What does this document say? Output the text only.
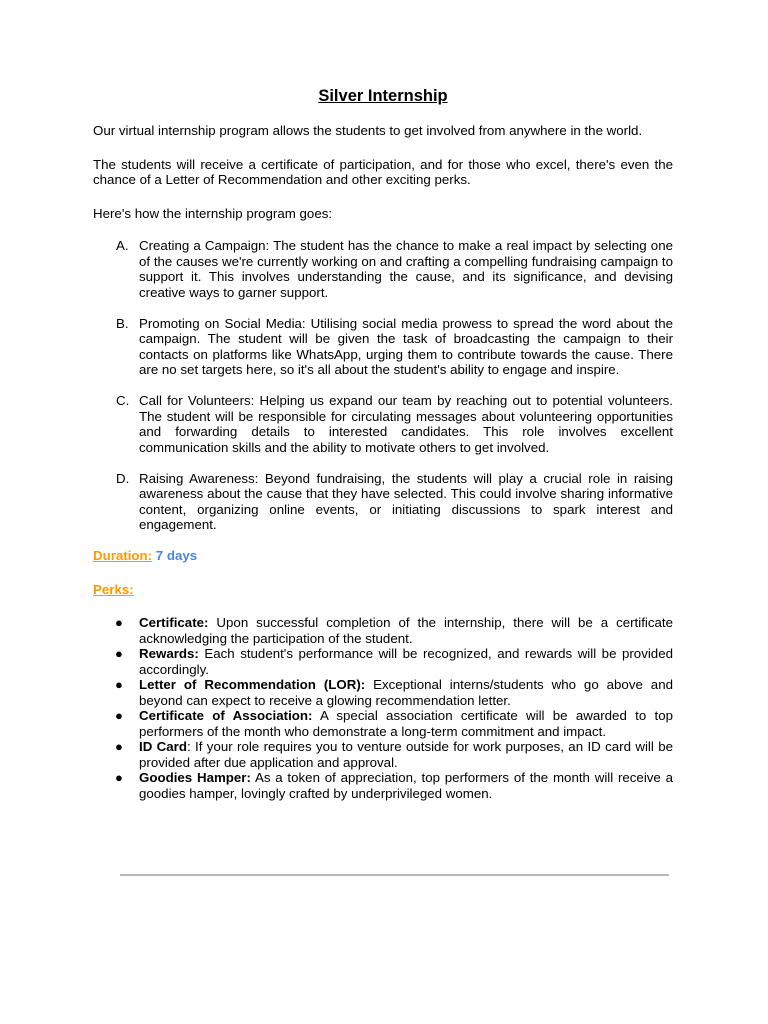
Silver Internship

Our virtual internship program allows the students to get involved from anywhere in the world.

The students will receive a certificate of participation, and for those who excel, there's even the chance of a Letter of Recommendation and other exciting perks.

Here's how the internship program goes:

A. Creating a Campaign: The student has the chance to make a real impact by selecting one of the causes we're currently working on and crafting a compelling fundraising campaign to support it. This involves understanding the cause, and its significance, and devising creative ways to garner support.
B. Promoting on Social Media: Utilising social media prowess to spread the word about the campaign. The student will be given the task of broadcasting the campaign to their contacts on platforms like WhatsApp, urging them to contribute towards the cause. There are no set targets here, so it's all about the student's ability to engage and inspire.
C. Call for Volunteers: Helping us expand our team by reaching out to potential volunteers. The student will be responsible for circulating messages about volunteering opportunities and forwarding details to interested candidates. This role involves excellent communication skills and the ability to motivate others to get involved.
D. Raising Awareness: Beyond fundraising, the students will play a crucial role in raising awareness about the cause that they have selected. This could involve sharing informative content, organizing online events, or initiating discussions to spark interest and engagement.

Duration: 7 days

Perks:

● Certificate: Upon successful completion of the internship, there will be a certificate acknowledging the participation of the student.
● Rewards: Each student's performance will be recognized, and rewards will be provided accordingly.
● Letter of Recommendation (LOR): Exceptional interns/students who go above and beyond can expect to receive a glowing recommendation letter.
● Certificate of Association: A special association certificate will be awarded to top performers of the month who demonstrate a long-term commitment and impact.
● ID Card: If your role requires you to venture outside for work purposes, an ID card will be provided after due application and approval.
● Goodies Hamper: As a token of appreciation, top performers of the month will receive a goodies hamper, lovingly crafted by underprivileged women.
